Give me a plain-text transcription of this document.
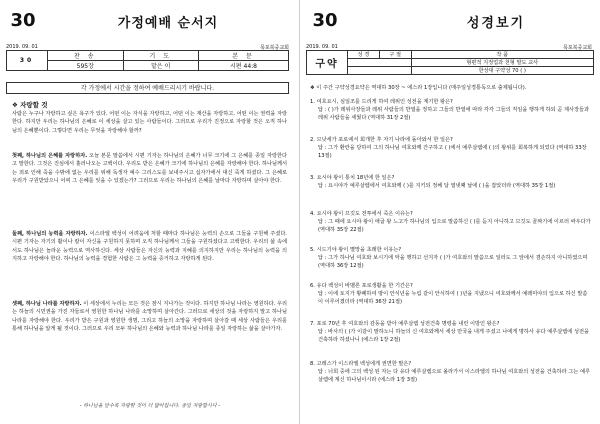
30	가정예배 순서지
2019. 09. 01	목포북중교회
30	찬 송	기 도	본 문
	595장	맡은 이	시편 44:8
각 가정에서 시간을 정하여 예배드리시기 바랍니다.
❖ 자랑할 것

사람은 누구나 자랑하고 싶은 욕구가 있다. 어떤 이는 자식을 자랑하고, 어떤 이는 재산을 자랑하고, 어떤 이는 권력을 자랑한다. 하지만 우리는 하나님의 은혜로 이 세상을 살고 있는 사람들이다. 그러므로 우리가 진정으로 자랑할 것은 오직 하나님의 은혜뿐이다. 그렇다면 우리는 무엇을 자랑해야 할까?

첫째, 하나님의 은혜를 자랑하자. 오늘 본문 말씀에서 시편 기자는 하나님의 은혜가 너무 크기에 그 은혜를 종일 자랑한다고 말한다. 그것은 진심에서 흘러나오는 고백이다. 우리도 받은 은혜가 크기에 하나님의 은혜를 자랑해야 한다. 하나님께서는 죄로 인해 죽을 수밖에 없는 우리를 위해 독생자 예수 그리스도를 보내주시고 십자가에서 대신 죽게 하셨다. 그 은혜로 우리가 구원받았으니 어찌 그 은혜를 잊을 수 있겠는가? 그러므로 우리는 하나님의 은혜를 날마다 자랑하며 살아야 한다.

둘째, 하나님의 능력을 자랑하자. 이스라엘 백성이 어려움에 처할 때마다 하나님은 능력의 손으로 그들을 구원해 주셨다. 시편 기자는 자기의 활이나 칼이 자신을 구원하지 못하며 오직 하나님께서 그들을 구원하셨다고 고백한다. 우리의 삶 속에서도 하나님은 놀라운 능력으로 역사하신다. 세상 사람들은 자신의 능력과 지혜를 의지하지만 우리는 하나님의 능력을 의지하고 자랑해야 한다. 하나님의 능력을 경험한 사람은 그 능력을 증거하고 자랑하게 된다.

셋째, 하나님 나라를 자랑하자. 이 세상에서 누리는 모든 것은 잠시 지나가는 것이다. 하지만 하나님 나라는 영원하다. 우리는 하늘의 시민권을 가진 자들로서 영원한 하나님 나라를 소망하며 살아간다. 그러므로 세상의 것을 자랑하지 말고 하나님 나라를 자랑해야 한다. 우리가 받은 구원과 영원한 생명, 그리고 하늘의 소망을 자랑하며 살아갈 때 세상 사람들은 우리를 통해 하나님을 알게 될 것이다. 그러므로 우리 모두 하나님의 은혜와 능력과 하나님 나라를 종일 자랑하는 삶을 살아가자.

- 하나님을 알수록 자랑할 것이 더 많아집니다. 종일 자랑합시다 -
30	성경보기
2019. 09. 01	목포북중교회
구약	성 경	구 절	작 품
			형편적 지정업과 천형 말도 교사
			한상대 구약성 70 ( )
❖ 이 주간 구약성경요약은 역대하 30장 ~ 에스라 1장입니다 (매주일성경통독으로 출제됩니다).
1. 여호요시, 심일조를 드리게 하여 레위인 성전을 계기한 왕은?
답 : ( )가 레위사장들과 레위 사람들의 반열을 정하고 그들의 반열에 따라 각각 그들의 직임을 행하게 하되 곧 제사장들과 레위 사람들을 세웠다 (역대하 31장 2절)
2. 므낫세가 포로에서 회개한 후 자기 나라에 돌아와서 한 일은?
답 : 그가 환란을 당하여 그의 하나님 여호와께 간구하고 ( )에서 예루살렘에 ( )의 왕위를 회복하게 되었다 (역대하 33장 13절)
3. 요시야 왕이 통치 18년에 한 일은?
답 : 요시야가 예루살렘에서 여호와께 ( )를 지키되 정해 달 열넷째 날에 ( )을 잡았더라 (역대하 35장 1절)
4. 요시야 왕이 므깃도 전투에서 죽은 이유는?
답 : 그 때에 요시야 왕이 애굽 왕 느고가 하나님의 입으로 말씀하신 ( )를 듣지 아니하고 므깃도 골짜기에 이르러 싸우다가 (역대하 35장 22절)
5. 시드기야 왕이 멸망을 초래한 이유는?
답 : 그가 하나님 여호와 보시기에 악을 행하고 선지자 ( )가 여호와의 말씀으로 일러도 그 앞에서 겸손하지 아니하였으며 (역대하 36장 12절)
6. 유다 백성이 바벨론 포로생활을 한 기간은?
답 : 이에 토지가 황폐하여 땅이 안식년을 누림 같이 안식하여 ( )년을 지냈으니 여호와께서 예레미야의 입으로 하신 말씀이 이루어졌더라 (역대하 36장 21절)
7. 포로 70년 후 여호와의 감동을 받아 예루살렘 성전건축 명령을 내린 이방인 왕은?
답 : 바사의 ( )가 이같이 말하노니 하늘의 신 여호와께서 세상 만국을 내게 주셨고 나에게 명하사 유다 예루살렘에 성전을 건축하라 하셨나니 (에스라 1장 2절)
8. 고레스가 이스라엘 백성에게 권면한 말은?
답 : 너희 중에 그의 백성 된 자는 다 유다 예루살렘으로 올라가서 이스라엘의 하나님 여호와의 성전을 건축하라 그는 예루살렘에 계신 하나님이시라 (에스라 1장 3절)
